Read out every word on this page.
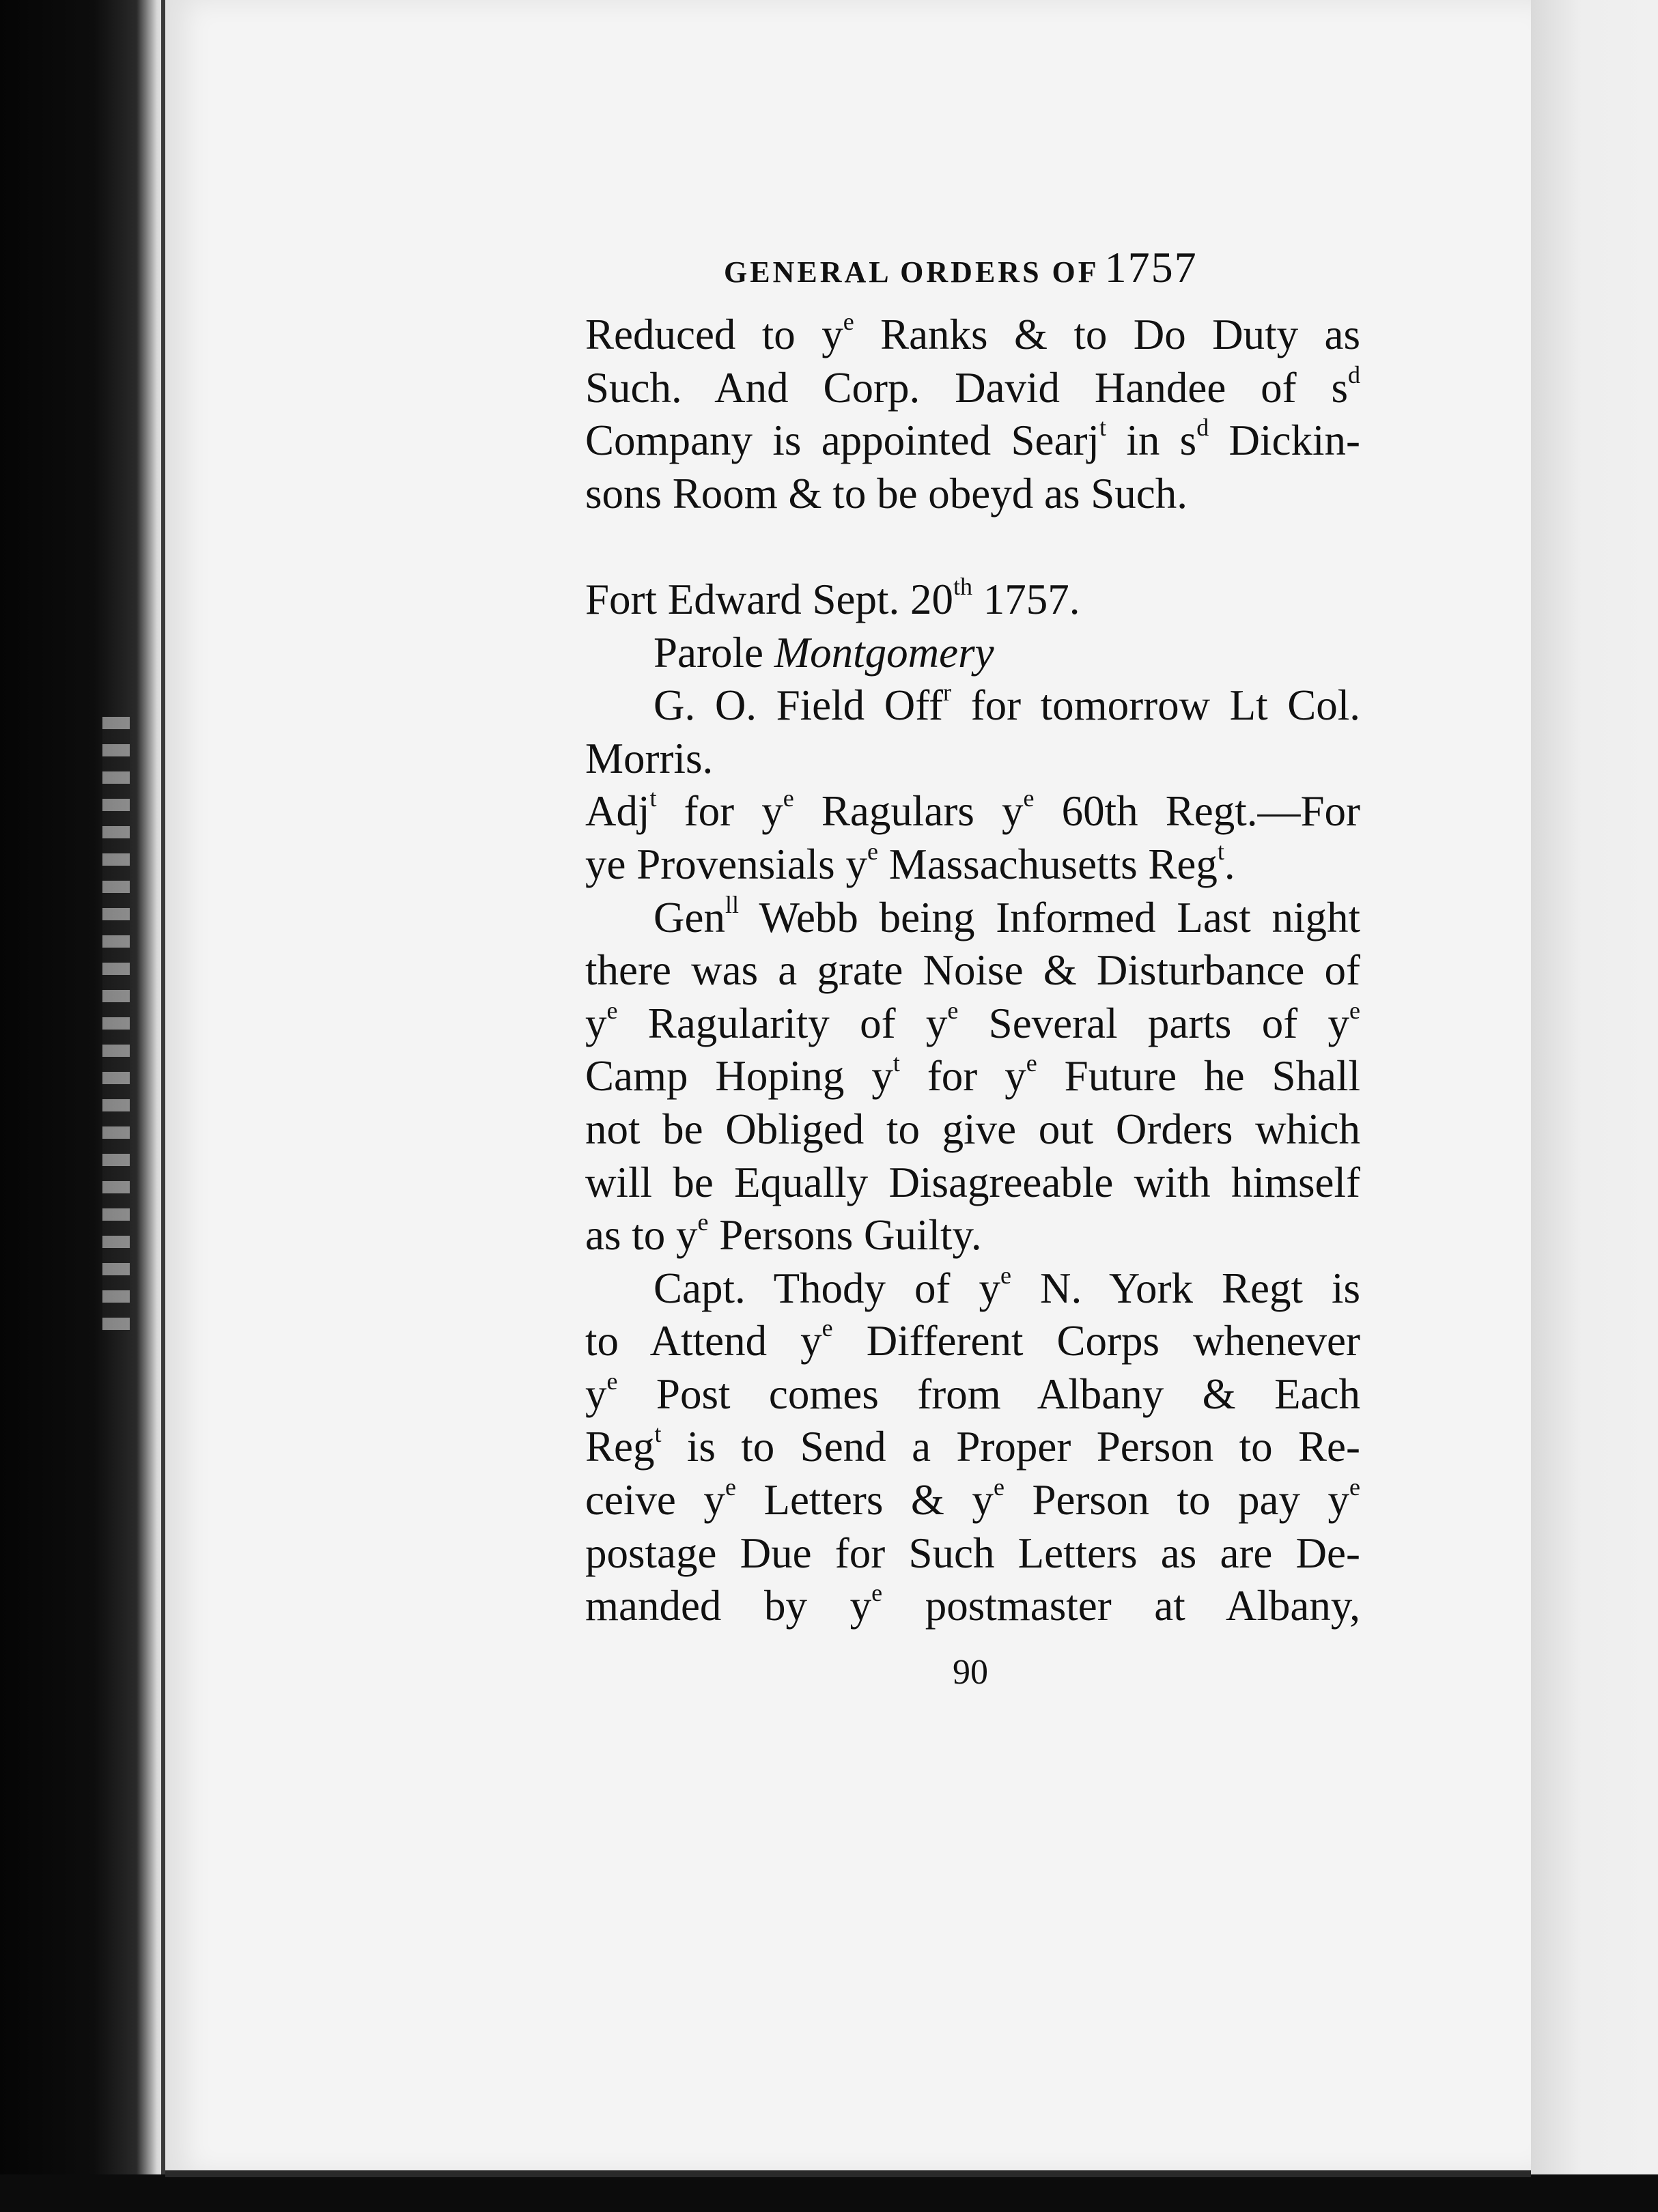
GENERAL ORDERS OF 1757
Reduced to $y^e$ Ranks & to Do Duty as
Such. And Corp. David Handee of $s^d$
Company is appointed Searj$^t$ in $s^d$ Dickin-
sons Room & to be obeyd as Such.
Fort Edward Sept. 20th 1757.
Parole Montgomery
G. O. Field Off$^r$ for tomorrow Lt Col.
Morris.
Adj$^t$ for $y^e$ Ragulars $y^e$ 60th Regt.—For
ye Provensials $y^e$ Massachusetts Reg$^t$.
Gen$^{ll}$ Webb being Informed Last night
there was a grate Noise & Disturbance of
$y^e$ Ragularity of $y^e$ Several parts of $y^e$
Camp Hoping $y^t$ for $y^e$ Future he Shall
not be Obliged to give out Orders which
will be Equally Disagreeable with himself
as to $y^e$ Persons Guilty.
Capt. Thody of $y^e$ N. York Regt is
to Attend $y^e$ Different Corps whenever
$y^e$ Post comes from Albany & Each
Reg$^t$ is to Send a Proper Person to Re-
ceive $y^e$ Letters & $y^e$ Person to pay $y^e$
postage Due for Such Letters as are De-
manded by $y^e$ postmaster at Albany,
90
